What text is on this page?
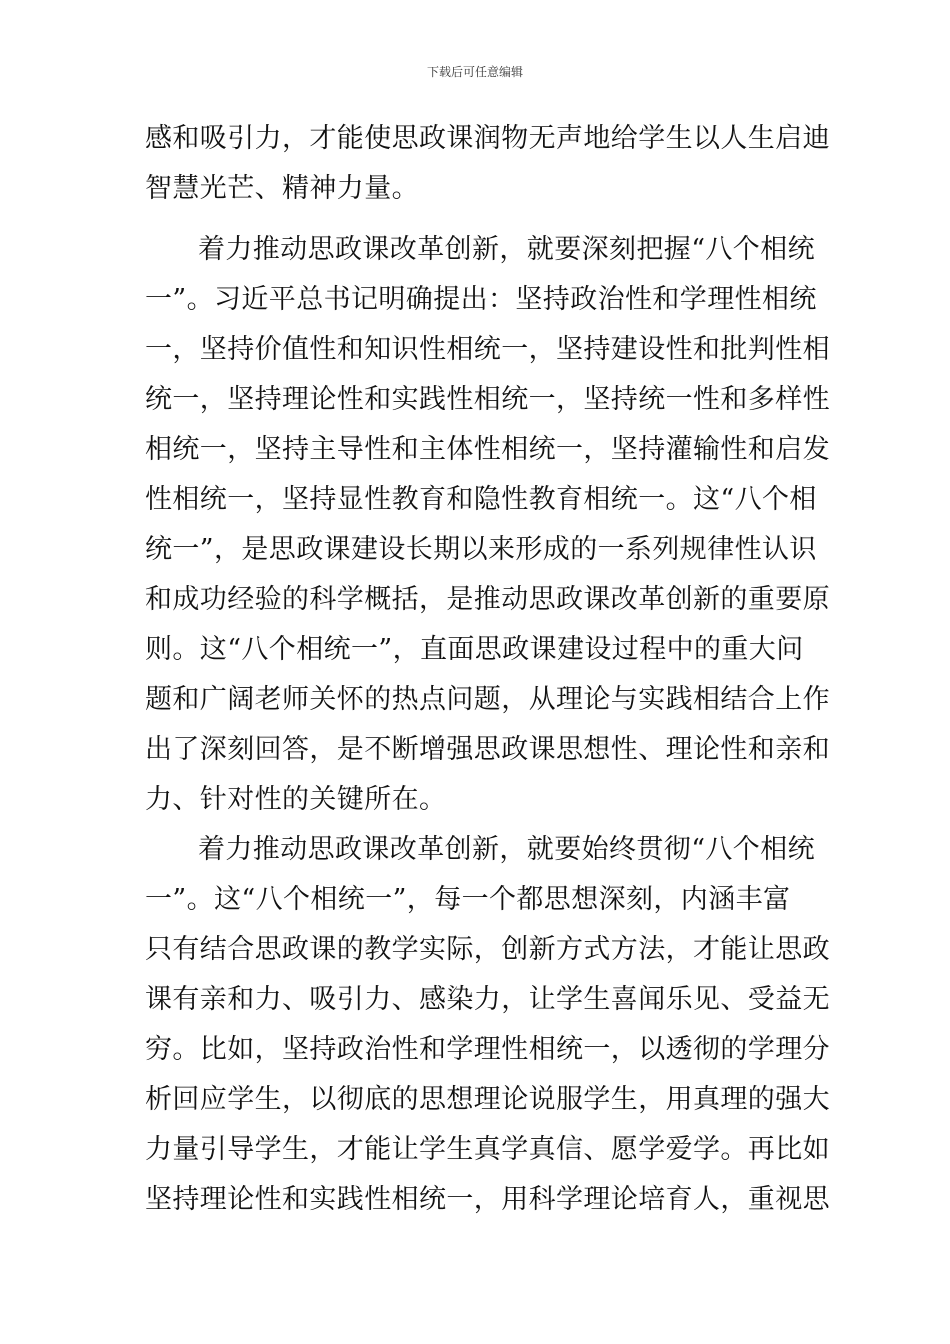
下载后可任意编辑
感和吸引力，才能使思政课润物无声地给学生以人生启迪
智慧光芒、精神力量。
着力推动思政课改革创新，就要深刻把握“八个相统
一”。习近平总书记明确提出：坚持政治性和学理性相统
一，坚持价值性和知识性相统一，坚持建设性和批判性相
统一，坚持理论性和实践性相统一，坚持统一性和多样性
相统一，坚持主导性和主体性相统一，坚持灌输性和启发
性相统一，坚持显性教育和隐性教育相统一。这“八个相
统一”，是思政课建设长期以来形成的一系列规律性认识
和成功经验的科学概括，是推动思政课改革创新的重要原
则。这“八个相统一”，直面思政课建设过程中的重大问
题和广阔老师关怀的热点问题，从理论与实践相结合上作
出了深刻回答，是不断增强思政课思想性、理论性和亲和
力、针对性的关键所在。
着力推动思政课改革创新，就要始终贯彻“八个相统
一”。这“八个相统一”，每一个都思想深刻，内涵丰富
只有结合思政课的教学实际，创新方式方法，才能让思政
课有亲和力、吸引力、感染力，让学生喜闻乐见、受益无
穷。比如，坚持政治性和学理性相统一，以透彻的学理分
析回应学生，以彻底的思想理论说服学生，用真理的强大
力量引导学生，才能让学生真学真信、愿学爱学。再比如
坚持理论性和实践性相统一，用科学理论培育人，重视思
